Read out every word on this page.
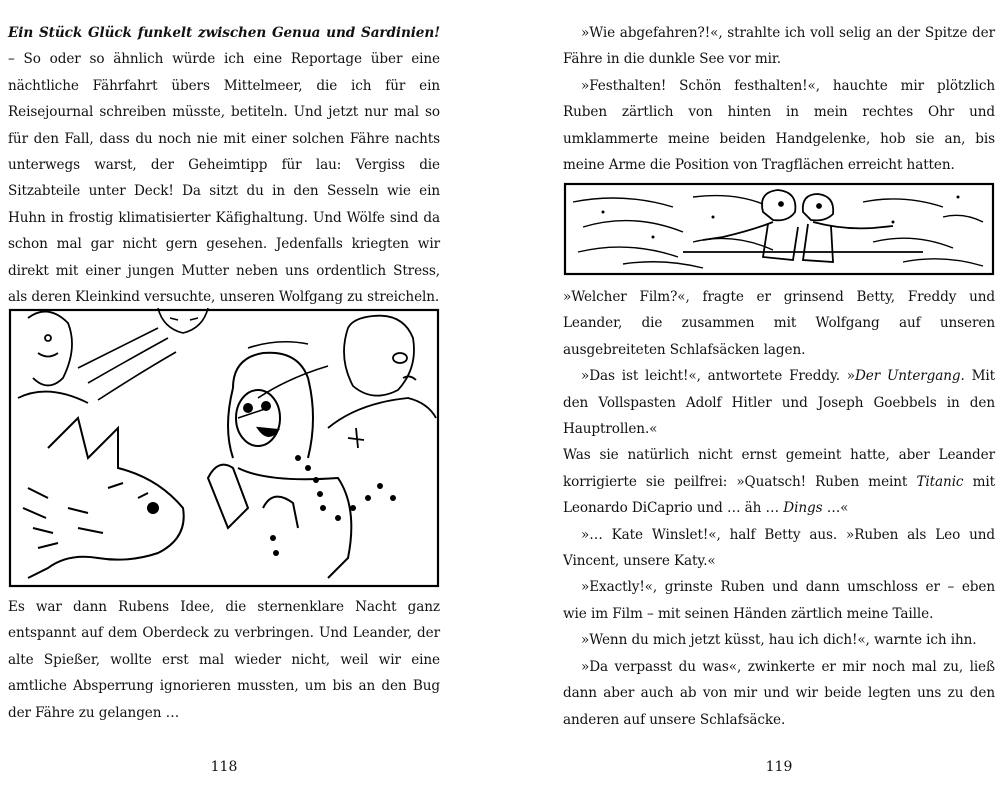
Ein Stück Glück funkelt zwischen Genua und Sardinien! – So oder so ähnlich würde ich eine Reportage über eine nächtliche Fährfahrt übers Mittelmeer, die ich für ein Reisejournal schreiben müsste, betiteln. Und jetzt nur mal so für den Fall, dass du noch nie mit einer solchen Fähre nachts unterwegs warst, der Geheimtipp für lau: Vergiss die Sitzabteile unter Deck! Da sitzt du in den Sesseln wie ein Huhn in frostig klimatisierter Käfighaltung. Und Wölfe sind da schon mal gar nicht gern gesehen. Jedenfalls kriegten wir direkt mit einer jungen Mutter neben uns ordentlich Stress, als deren Kleinkind versuchte, unseren Wolfgang zu streicheln.

Es war dann Rubens Idee, die sternenklare Nacht ganz entspannt auf dem Oberdeck zu verbringen. Und Leander, der alte Spießer, wollte erst mal wieder nicht, weil wir eine amtliche Absperrung ignorieren mussten, um bis an den Bug der Fähre zu gelangen …

118

»Wie abgefahren?!«, strahlte ich voll selig an der Spitze der Fähre in die dunkle See vor mir.

»Festhalten! Schön festhalten!«, hauchte mir plötzlich Ruben zärtlich von hinten in mein rechtes Ohr und umklammerte meine beiden Handgelenke, hob sie an, bis meine Arme die Position von Tragflächen erreicht hatten.

»Welcher Film?«, fragte er grinsend Betty, Freddy und Leander, die zusammen mit Wolfgang auf unseren ausgebreiteten Schlafsäcken lagen.

»Das ist leicht!«, antwortete Freddy. »Der Untergang. Mit den Vollspasten Adolf Hitler und Joseph Goebbels in den Hauptrollen.«

Was sie natürlich nicht ernst gemeint hatte, aber Leander korrigierte sie peilfrei: »Quatsch! Ruben meint Titanic mit Leonardo DiCaprio und … äh … Dings …«

»… Kate Winslet!«, half Betty aus. »Ruben als Leo und Vincent, unsere Katy.«

»Exactly!«, grinste Ruben und dann umschloss er – eben wie im Film – mit seinen Händen zärtlich meine Taille.

»Wenn du mich jetzt küsst, hau ich dich!«, warnte ich ihn.

»Da verpasst du was«, zwinkerte er mir noch mal zu, ließ dann aber auch ab von mir und wir beide legten uns zu den anderen auf unsere Schlafsäcke.

119
